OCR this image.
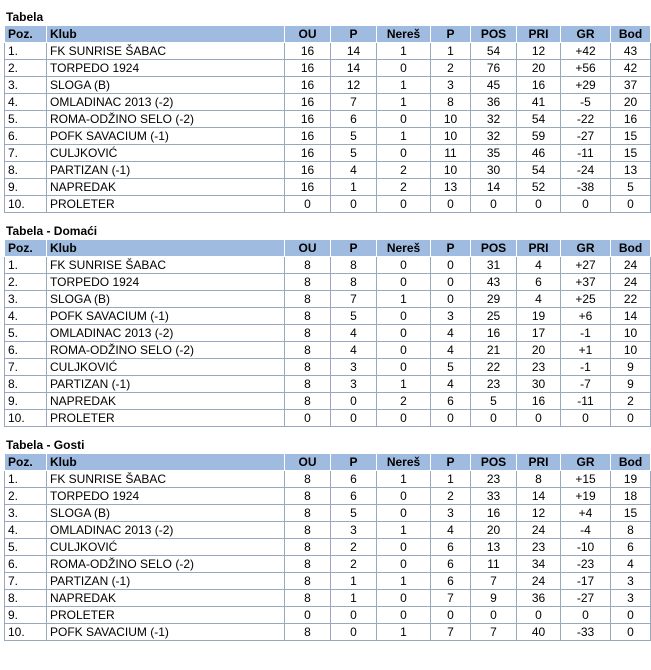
Tabela
Poz.	Klub	OU	P	Nereš	P	POS	PRI	GR	Bod
1.	FK SUNRISE ŠABAC	16	14	1	1	54	12	+42	43
2.	TORPEDO 1924	16	14	0	2	76	20	+56	42
3.	SLOGA (B)	16	12	1	3	45	16	+29	37
4.	OMLADINAC 2013 (-2)	16	7	1	8	36	41	-5	20
5.	ROMA-ODŽINO SELO (-2)	16	6	0	10	32	54	-22	16
6.	POFK SAVACIUM (-1)	16	5	1	10	32	59	-27	15
7.	CULJKOVIĆ	16	5	0	11	35	46	-11	15
8.	PARTIZAN (-1)	16	4	2	10	30	54	-24	13
9.	NAPREDAK	16	1	2	13	14	52	-38	5
10.	PROLETER	0	0	0	0	0	0	0	0
Tabela - Domaći
Poz.	Klub	OU	P	Nereš	P	POS	PRI	GR	Bod
1.	FK SUNRISE ŠABAC	8	8	0	0	31	4	+27	24
2.	TORPEDO 1924	8	8	0	0	43	6	+37	24
3.	SLOGA (B)	8	7	1	0	29	4	+25	22
4.	POFK SAVACIUM (-1)	8	5	0	3	25	19	+6	14
5.	OMLADINAC 2013 (-2)	8	4	0	4	16	17	-1	10
6.	ROMA-ODŽINO SELO (-2)	8	4	0	4	21	20	+1	10
7.	CULJKOVIĆ	8	3	0	5	22	23	-1	9
8.	PARTIZAN (-1)	8	3	1	4	23	30	-7	9
9.	NAPREDAK	8	0	2	6	5	16	-11	2
10.	PROLETER	0	0	0	0	0	0	0	0
Tabela - Gosti
Poz.	Klub	OU	P	Nereš	P	POS	PRI	GR	Bod
1.	FK SUNRISE ŠABAC	8	6	1	1	23	8	+15	19
2.	TORPEDO 1924	8	6	0	2	33	14	+19	18
3.	SLOGA (B)	8	5	0	3	16	12	+4	15
4.	OMLADINAC 2013 (-2)	8	3	1	4	20	24	-4	8
5.	CULJKOVIĆ	8	2	0	6	13	23	-10	6
6.	ROMA-ODŽINO SELO (-2)	8	2	0	6	11	34	-23	4
7.	PARTIZAN (-1)	8	1	1	6	7	24	-17	3
8.	NAPREDAK	8	1	0	7	9	36	-27	3
9.	PROLETER	0	0	0	0	0	0	0	0
10.	POFK SAVACIUM (-1)	8	0	1	7	7	40	-33	0
